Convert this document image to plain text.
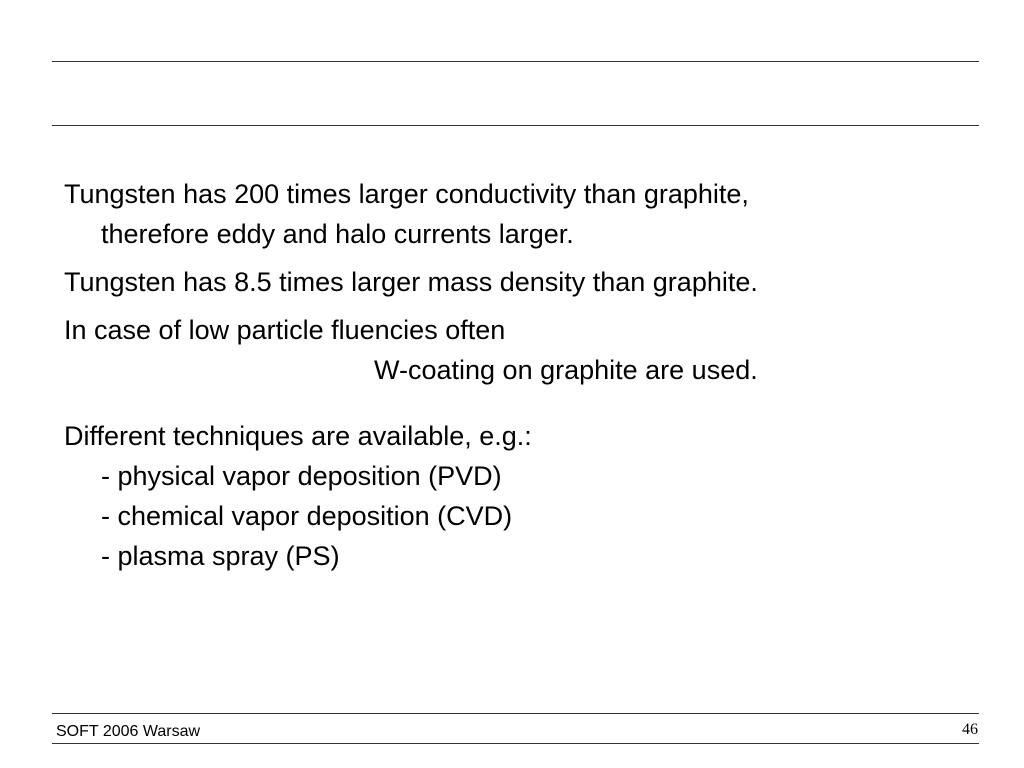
Tungsten has 200 times larger conductivity than graphite,
therefore eddy and halo currents larger.
Tungsten has 8.5 times larger mass density than graphite.
In case of low particle fluencies often
W-coating on graphite are used.
Different techniques are available, e.g.:
- physical vapor deposition (PVD)
- chemical vapor deposition (CVD)
- plasma spray (PS)
SOFT 2006 Warsaw	46
